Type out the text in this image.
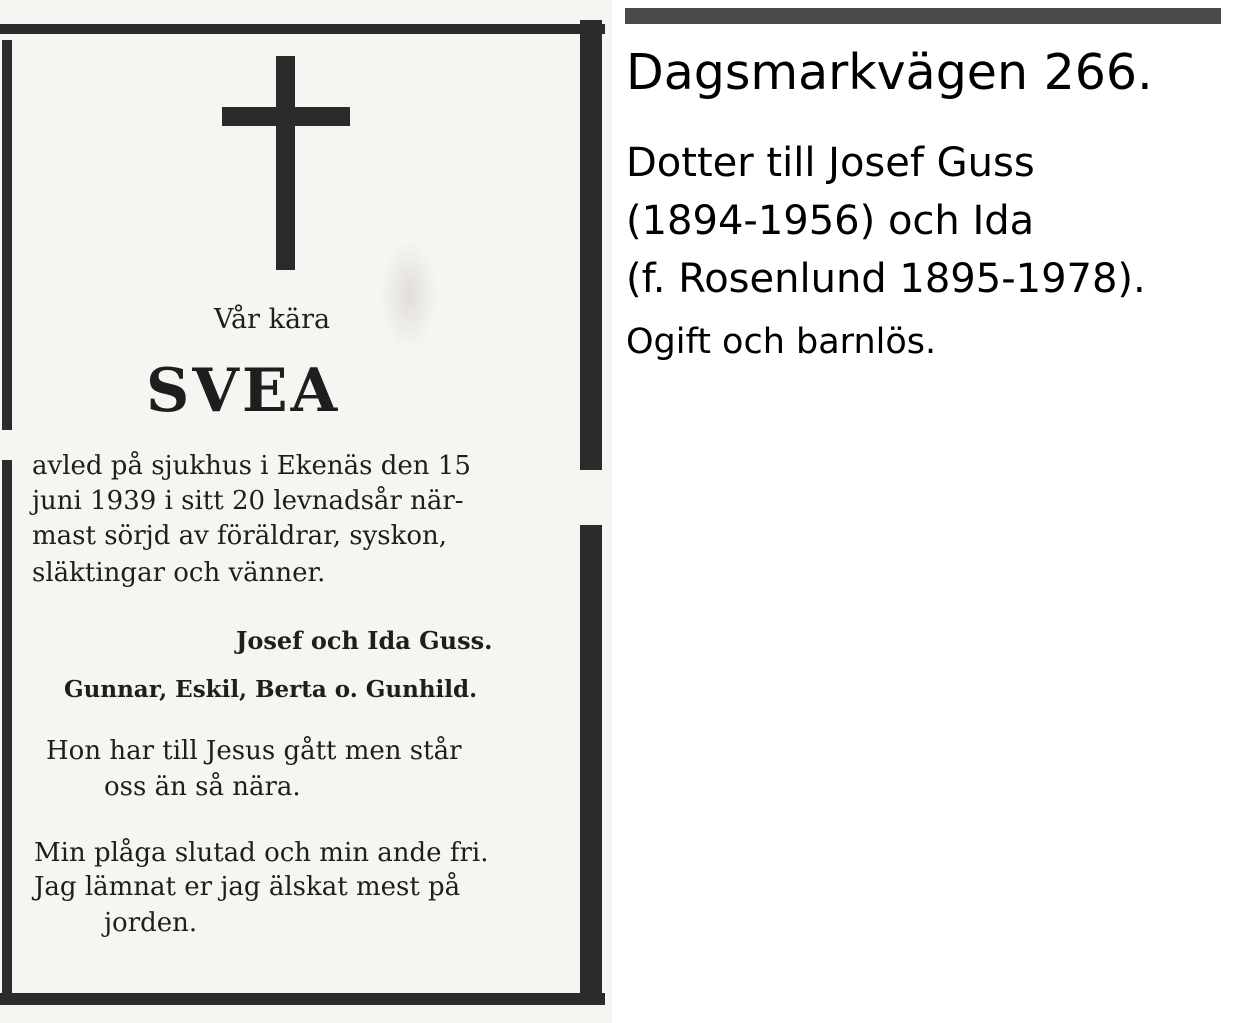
Vår kära
SVEA
avled på sjukhus i Ekenäs den 15
juni 1939 i sitt 20 levnadsår när-
mast sörjd av föräldrar, syskon,
släktingar och vänner.
Josef och Ida Guss.
Gunnar, Eskil, Berta o. Gunhild.
Hon har till Jesus gått men står
oss än så nära.
Min plåga slutad och min ande fri.
Jag lämnat er jag älskat mest på
jorden.
Dagsmarkvägen 266.
Dotter till Josef Guss
(1894-1956) och Ida
(f. Rosenlund 1895-1978).
Ogift och barnlös.
